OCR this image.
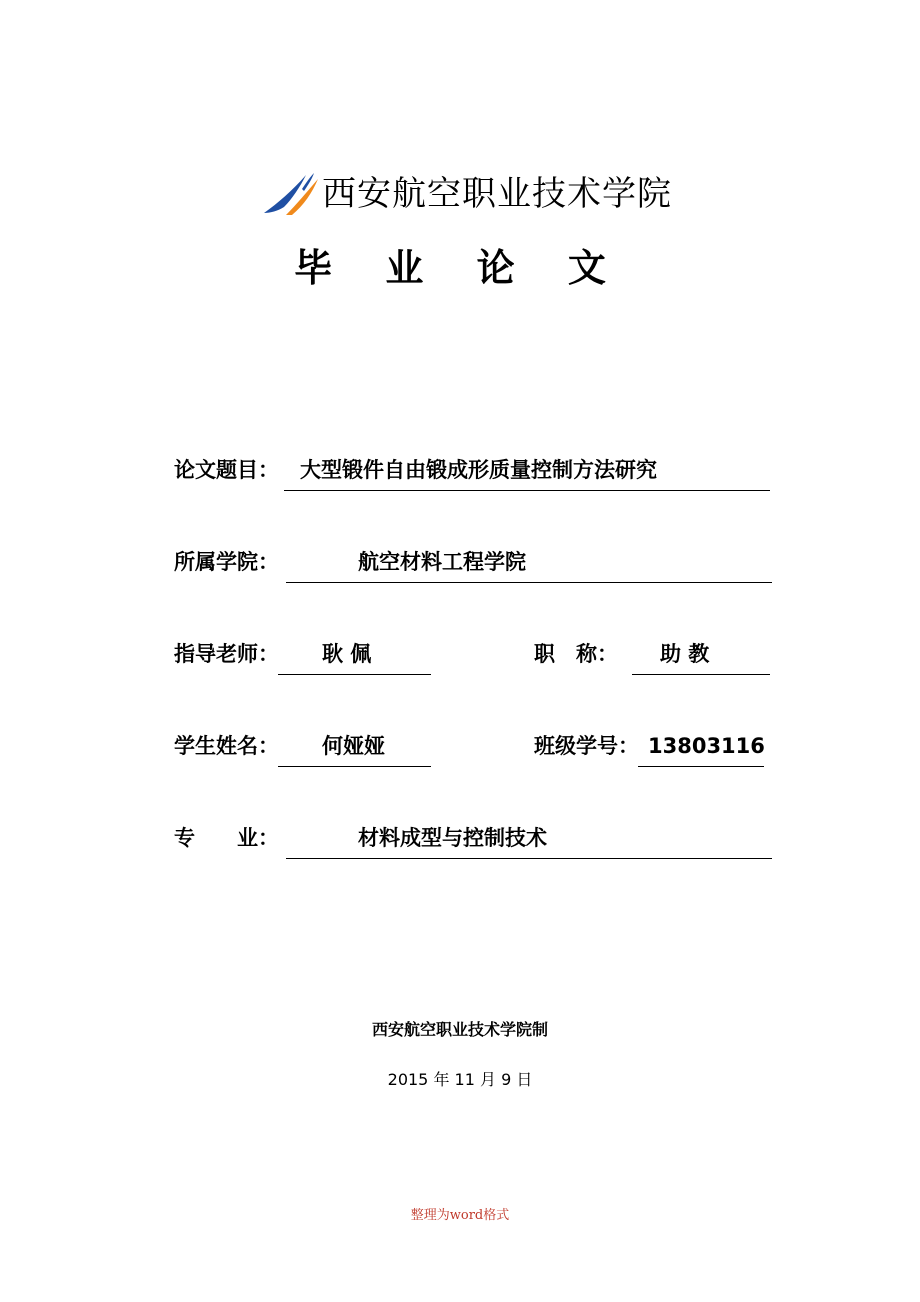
西安航空职业技术学院
毕 业 论 文
论文题目： 大型锻件自由锻成形质量控制方法研究
所属学院：	航空材料工程学院
指导老师： 耿 佩	职　称： 助 教
学生姓名： 何娅娅	班级学号： 13803116
专　　业：	材料成型与控制技术
西安航空职业技术学院制
2015 年 11 月 9 日
整理为word格式
